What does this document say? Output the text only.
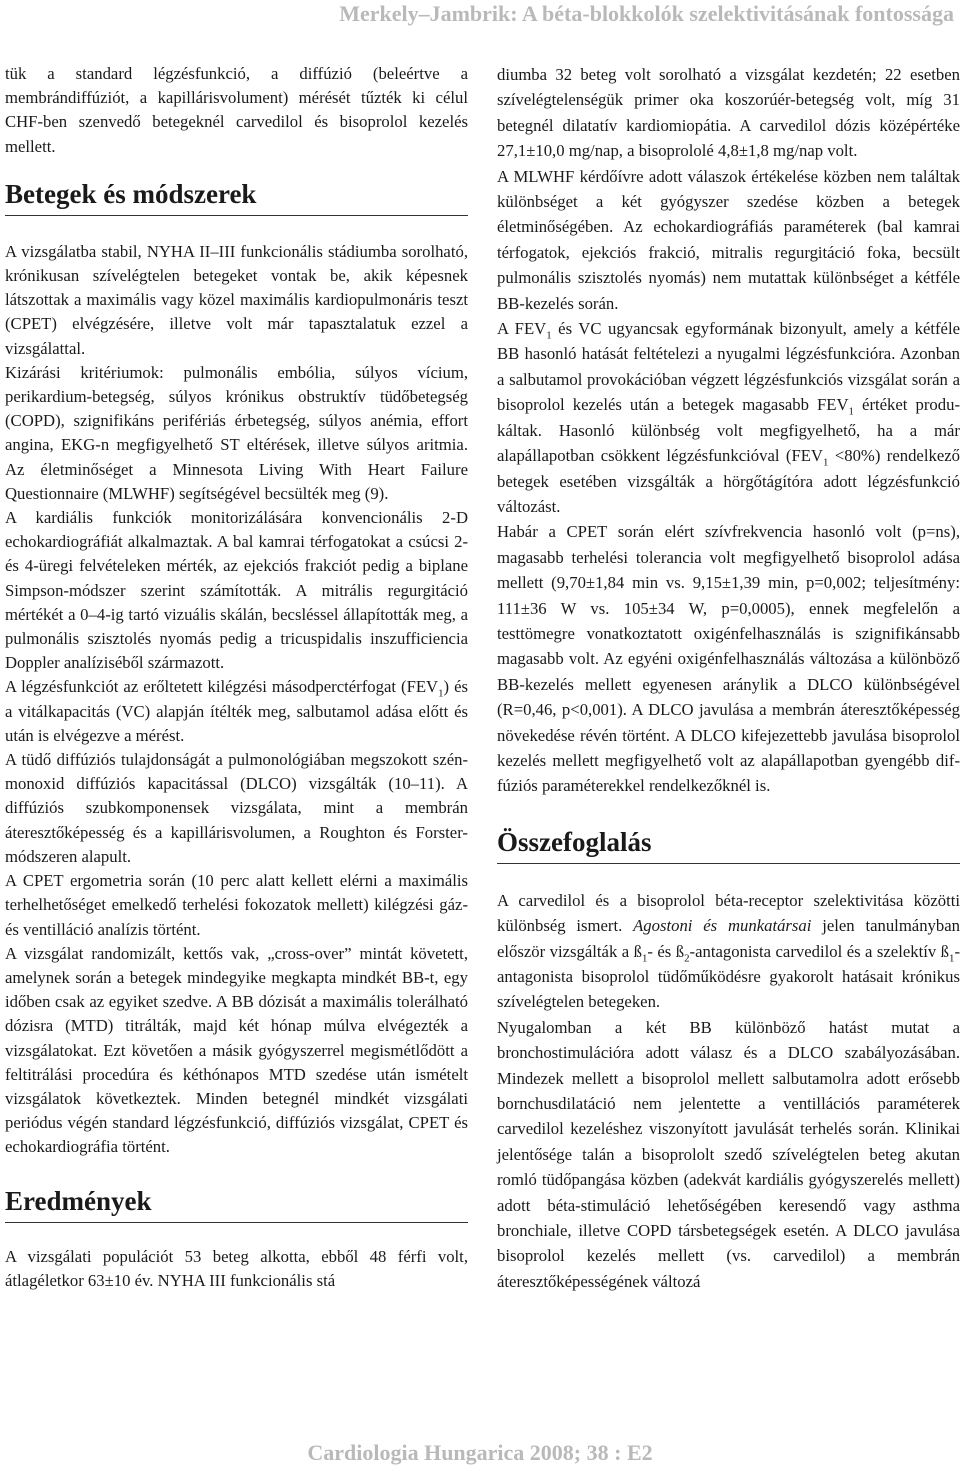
Merkely–Jambrik: A béta-blokkolók szelektivitásának fontossága

tük a standard légzésfunkció, a diffúzió (beleértve a membrándiffúziót, a kapillárisvolument) mérését tűzték ki célul CHF-ben szenvedő betegeknél carvedilol és bisoprolol kezelés mellett.

Betegek és módszerek

A vizsgálatba stabil, NYHA II–III funkcionális stádiumba sorolható, krónikusan szívelégtelen betegeket vontak be, akik képesnek látszottak a maximális vagy közel maximális kardiopulmonáris teszt (CPET) elvégzésére, illetve volt már tapasztalatuk ezzel a vizsgálattal.

Kizárási kritériumok: pulmonális embólia, súlyos vícium, perikardium-betegség, súlyos krónikus obstruktív tüdőbetegség (COPD), szignifikáns perifériás érbetegség, súlyos anémia, effort angina, EKG-n megfigyelhető ST eltérések, illetve súlyos aritmia. Az életminőséget a Minnesota Living With Heart Failure Questionnaire (MLWHF) segítségével becsülték meg (9).

A kardiális funkciók monitorizálására konvencionális 2-D echokardiográfiát alkalmaztak. A bal kamrai térfogatokat a csúcsi 2- és 4-üregi felvételeken mérték, az ejekciós frakciót pedig a biplane Simpson-módszer szerint számították. A mitrális regurgitáció mértékét a 0–4-ig tartó vizuális skálán, becsléssel állapították meg, a pulmonális szisztolés nyomás pedig a tricuspidalis inszufficiencia Doppler analíziséből származott.

A légzésfunkciót az erőltetett kilégzési másodperctérfogat $(FEV_1)$ és a vitálkapacitás (VC) alapján ítélték meg, salbutamol adása előtt és után is elvégezve a mérést.

A tüdő diffúziós tulajdonságát a pulmonológiában megszokott szén-monoxid diffúziós kapacitással (DLCO) vizsgálták (10–11). A diffúziós szubkomponensek vizsgálata, mint a membrán áteresztőképesség és a kapillárisvolumen, a Roughton és Forster-módszeren alapult.

A CPET ergometria során (10 perc alatt kellett elérni a maximális terhelhetőséget emelkedő terhelési fokozatok mellett) kilégzési gáz- és ventilláció analízis történt.

A vizsgálat randomizált, kettős vak, „cross-over” mintát követett, amelynek során a betegek mindegyike megkapta mindkét BB-t, egy időben csak az egyiket szedve. A BB dózisát a maximális tolerálható dózisra (MTD) titrálták, majd két hónap múlva elvégezték a vizsgálatokat. Ezt követően a másik gyógyszerrel megismétlődött a feltitrálási procedúra és kéthónapos MTD szedése után ismételt vizsgálatok következtek. Minden betegnél mindkét vizsgálati periódus végén standard légzésfunkció, diffúziós vizsgálat, CPET és echokardiográfia történt.

Eredmények

A vizsgálati populációt 53 beteg alkotta, ebből 48 férfi volt, átlagéletkor 63±10 év. NYHA III funkcionális stá

diumba 32 beteg volt sorolható a vizsgálat kezdetén; 22 esetben szívelégtelenségük primer oka koszorúér-betegség volt, míg 31 betegnél dilatatív kardiomiopátia. A carvedilol dózis középértéke 27,1±10,0 mg/nap, a bisoprololé 4,8±1,8 mg/nap volt.

A MLWHF kérdőívre adott válaszok értékelése közben nem találtak különbséget a két gyógyszer szedése közben a betegek életminőségében. Az echokardiográfiás paraméterek (bal kamrai térfogatok, ejekciós frakció, mitralis regurgitáció foka, becsült pulmonális szisztolés nyomás) nem mutattak különbséget a kétféle BB-kezelés során.

A $FEV_1$ és VC ugyancsak egyformának bizonyult, amely a kétféle BB hasonló hatását feltételezi a nyugalmi légzésfunkcióra. Azonban a salbutamol provokációban végzett légzésfunkciós vizsgálat során a bisoprolol kezelés után a betegek magasabb $FEV_1$ értéket produkáltak. Hasonló különbség volt megfigyelhető, ha a már alapállapotban csökkent légzésfunkcióval $(FEV_1 <80\%)$ rendelkező betegek esetében vizsgálták a hörgőtágítóra adott légzésfunkció változást.

Habár a CPET során elért szívfrekvencia hasonló volt (p=ns), magasabb terhelési tolerancia volt megfigyelhető bisoprolol adása mellett (9,70±1,84 min vs. 9,15±1,39 min, p=0,002; teljesítmény: 111±36 W vs. 105±34 W, p=0,0005), ennek megfelelőn a testtömegre vonatkoztatott oxigénfelhasználás is szignifikánsabb magasabb volt. Az egyéni oxigénfelhasználás változása a különböző BB-kezelés mellett egyenesen aránylik a DLCO különbségével (R=0,46, p<0,001). A DLCO javulása a membrán áteresztőképesség növekedése révén történt. A DLCO kifejezettebb javulása bisoprolol kezelés mellett megfigyelhető volt az alapállapotban gyengébb diffúziós paraméterekkel rendelkezőknél is.

Összefoglalás

A carvedilol és a bisoprolol béta-receptor szelektivitása közötti különbség ismert. Agostoni és munkatársai jelen tanulmányban először vizsgálták a $ß_1-$ és $ß_2$-antagonista carvedilol és a szelektív $ß_1$-antagonista bisoprolol tüdőműködésre gyakorolt hatásait krónikus szívelégtelen betegeken.

Nyugalomban a két BB különböző hatást mutat a bronchostimulációra adott válasz és a DLCO szabályozásában. Mindezek mellett a bisoprolol mellett salbutamolra adott erősebb bornchusdilatáció nem jelentette a ventillációs paraméterek carvedilol kezeléshez viszonyított javulását terhelés során. Klinikai jelentősége talán a bisoprololt szedő szívelégtelen beteg akutan romló tüdőpangása közben (adekvát kardiális gyógyszerelés mellett) adott béta-stimuláció lehetőségében keresendő vagy asthma bronchiale, illetve COPD társbetegségek esetén. A DLCO javulása bisoprolol kezelés mellett (vs. carvedilol) a membrán áteresztőképességének változá

Cardiologia Hungarica 2008; 38 : E2
